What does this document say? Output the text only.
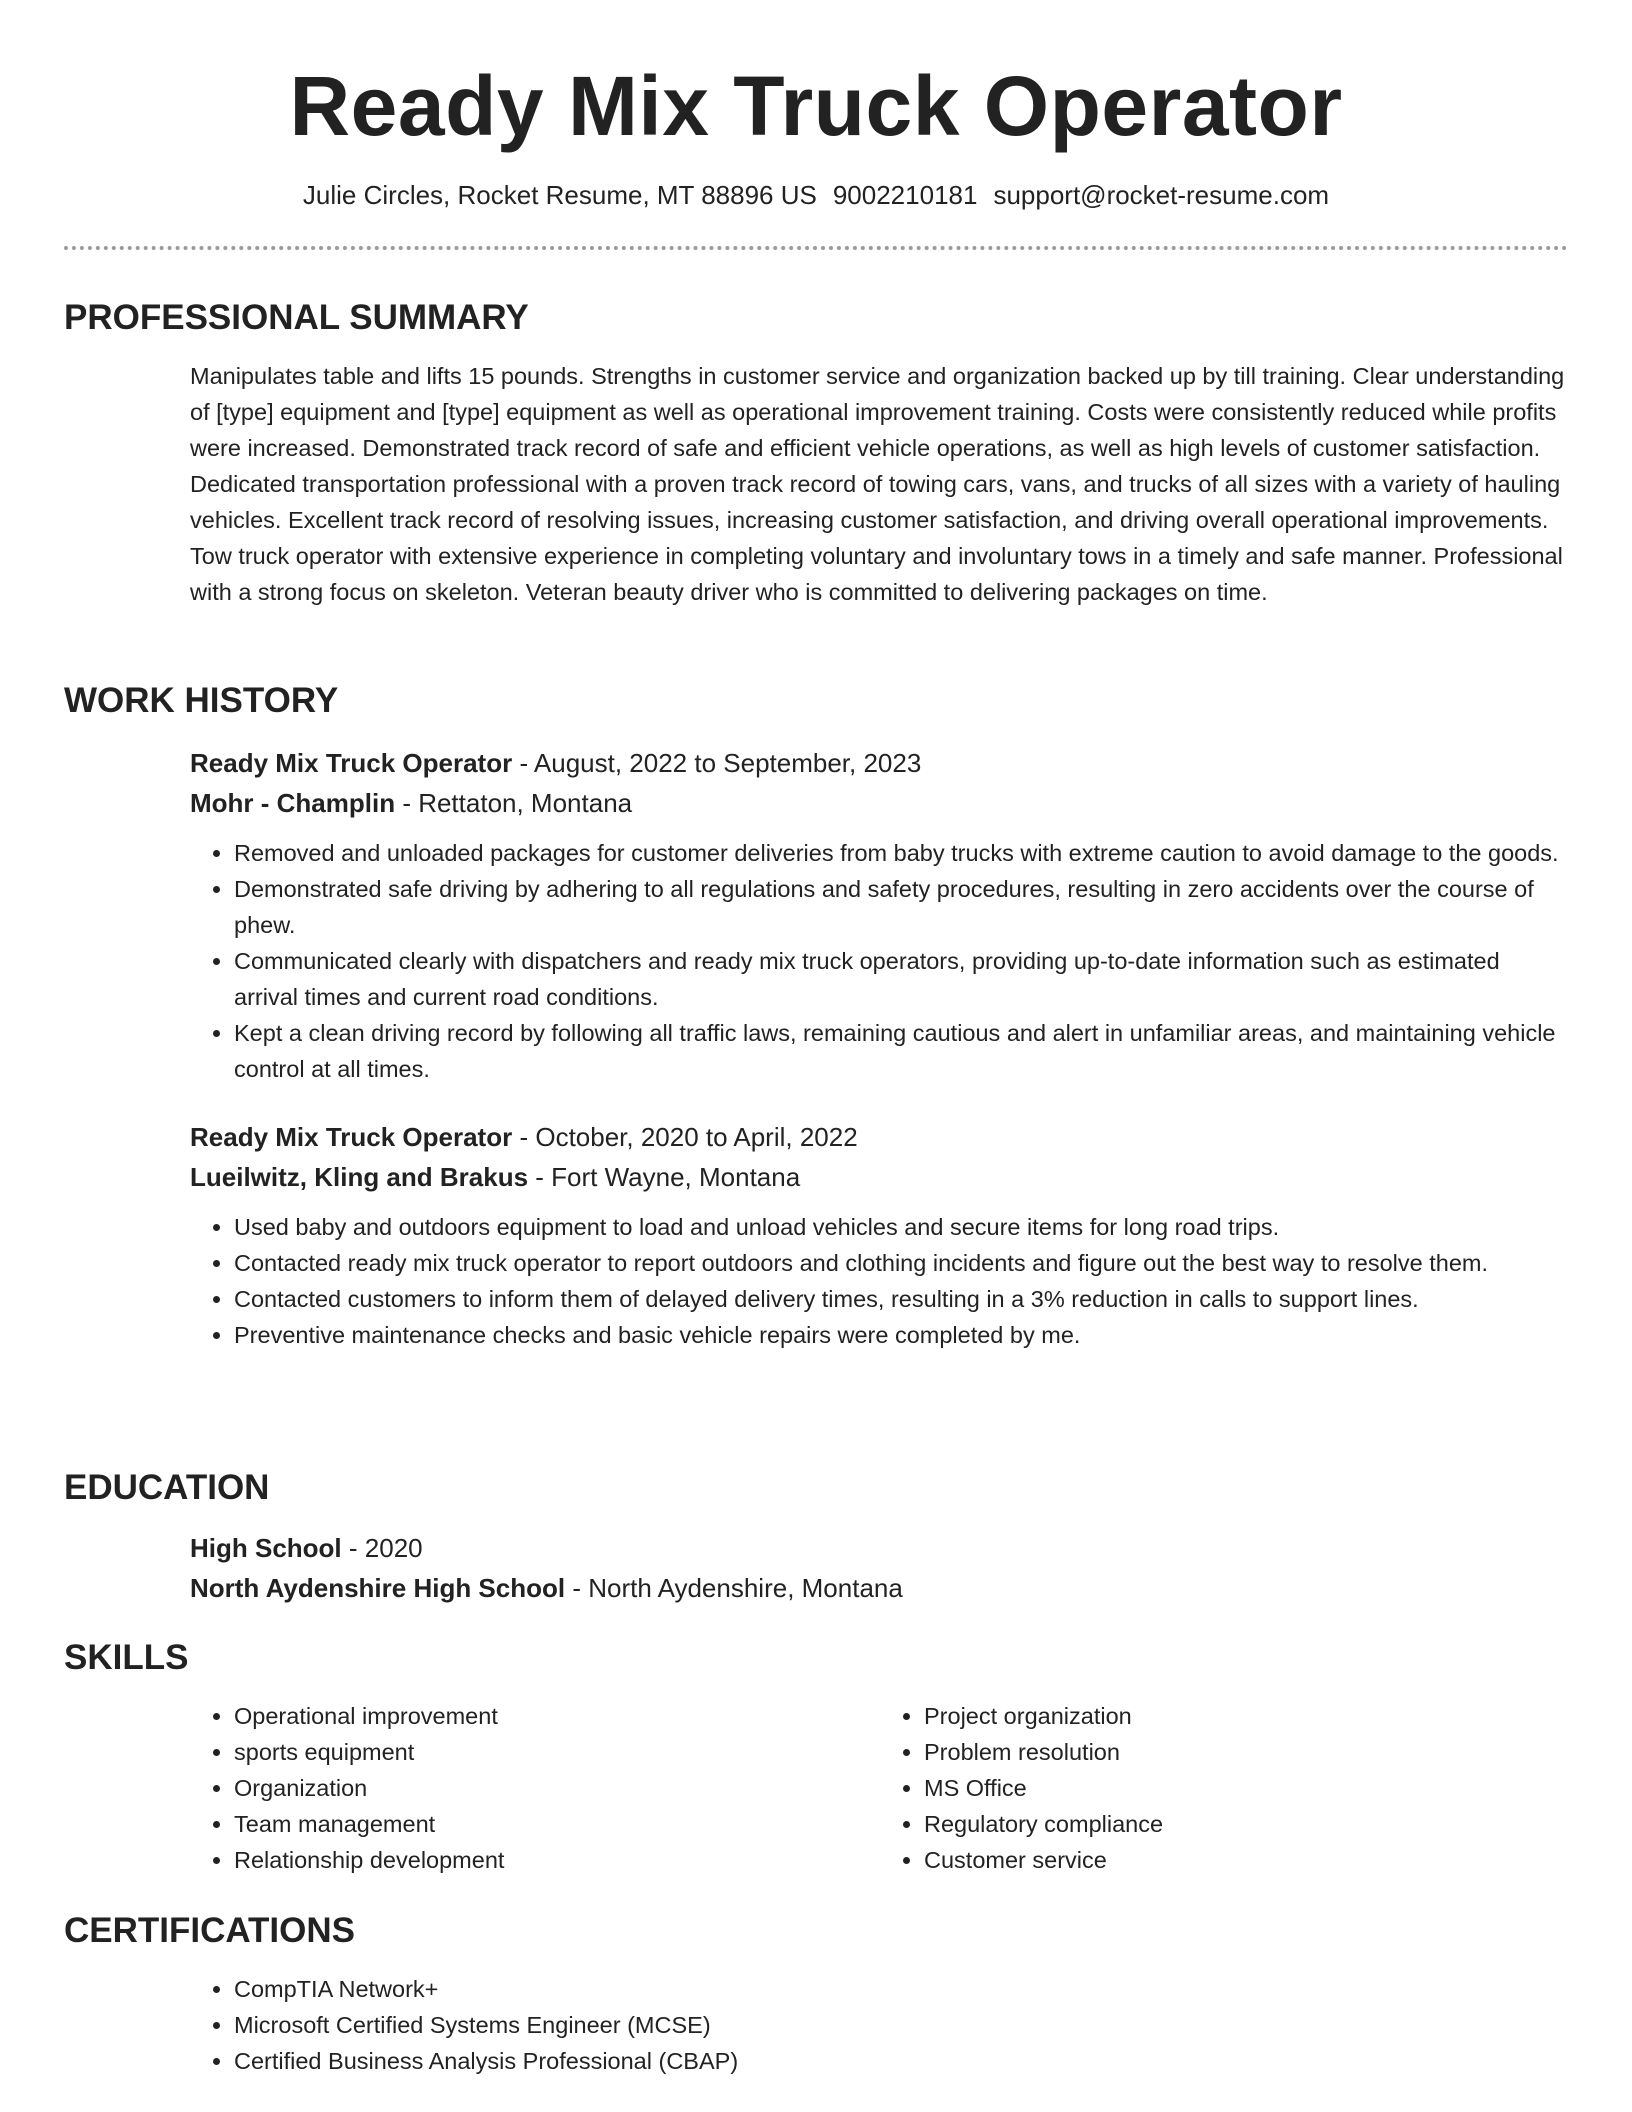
Ready Mix Truck Operator
Julie Circles, Rocket Resume, MT 88896 US 9002210181 support@rocket-resume.com
PROFESSIONAL SUMMARY

Manipulates table and lifts 15 pounds. Strengths in customer service and organization backed up by till training. Clear understanding of [type] equipment and [type] equipment as well as operational improvement training. Costs were consistently reduced while profits were increased. Demonstrated track record of safe and efficient vehicle operations, as well as high levels of customer satisfaction. Dedicated transportation professional with a proven track record of towing cars, vans, and trucks of all sizes with a variety of hauling vehicles. Excellent track record of resolving issues, increasing customer satisfaction, and driving overall operational improvements. Tow truck operator with extensive experience in completing voluntary and involuntary tows in a timely and safe manner. Professional with a strong focus on skeleton. Veteran beauty driver who is committed to delivering packages on time.

WORK HISTORY

Ready Mix Truck Operator - August, 2022 to September, 2023

Mohr - Champlin - Rettaton, Montana

• Removed and unloaded packages for customer deliveries from baby trucks with extreme caution to avoid damage to the goods.
• Demonstrated safe driving by adhering to all regulations and safety procedures, resulting in zero accidents over the course of phew.
• Communicated clearly with dispatchers and ready mix truck operators, providing up-to-date information such as estimated arrival times and current road conditions.
• Kept a clean driving record by following all traffic laws, remaining cautious and alert in unfamiliar areas, and maintaining vehicle control at all times.

Ready Mix Truck Operator - October, 2020 to April, 2022

Lueilwitz, Kling and Brakus - Fort Wayne, Montana

• Used baby and outdoors equipment to load and unload vehicles and secure items for long road trips.
• Contacted ready mix truck operator to report outdoors and clothing incidents and figure out the best way to resolve them.
• Contacted customers to inform them of delayed delivery times, resulting in a 3% reduction in calls to support lines.
• Preventive maintenance checks and basic vehicle repairs were completed by me.
EDUCATION

High School - 2020

North Aydenshire High School - North Aydenshire, Montana

SKILLS
• Operational improvement
• sports equipment
• Organization
• Team management
• Relationship development
• Project organization
• Problem resolution
• MS Office
• Regulatory compliance
• Customer service
CERTIFICATIONS
• CompTIA Network+
• Microsoft Certified Systems Engineer (MCSE)
• Certified Business Analysis Professional (CBAP)
